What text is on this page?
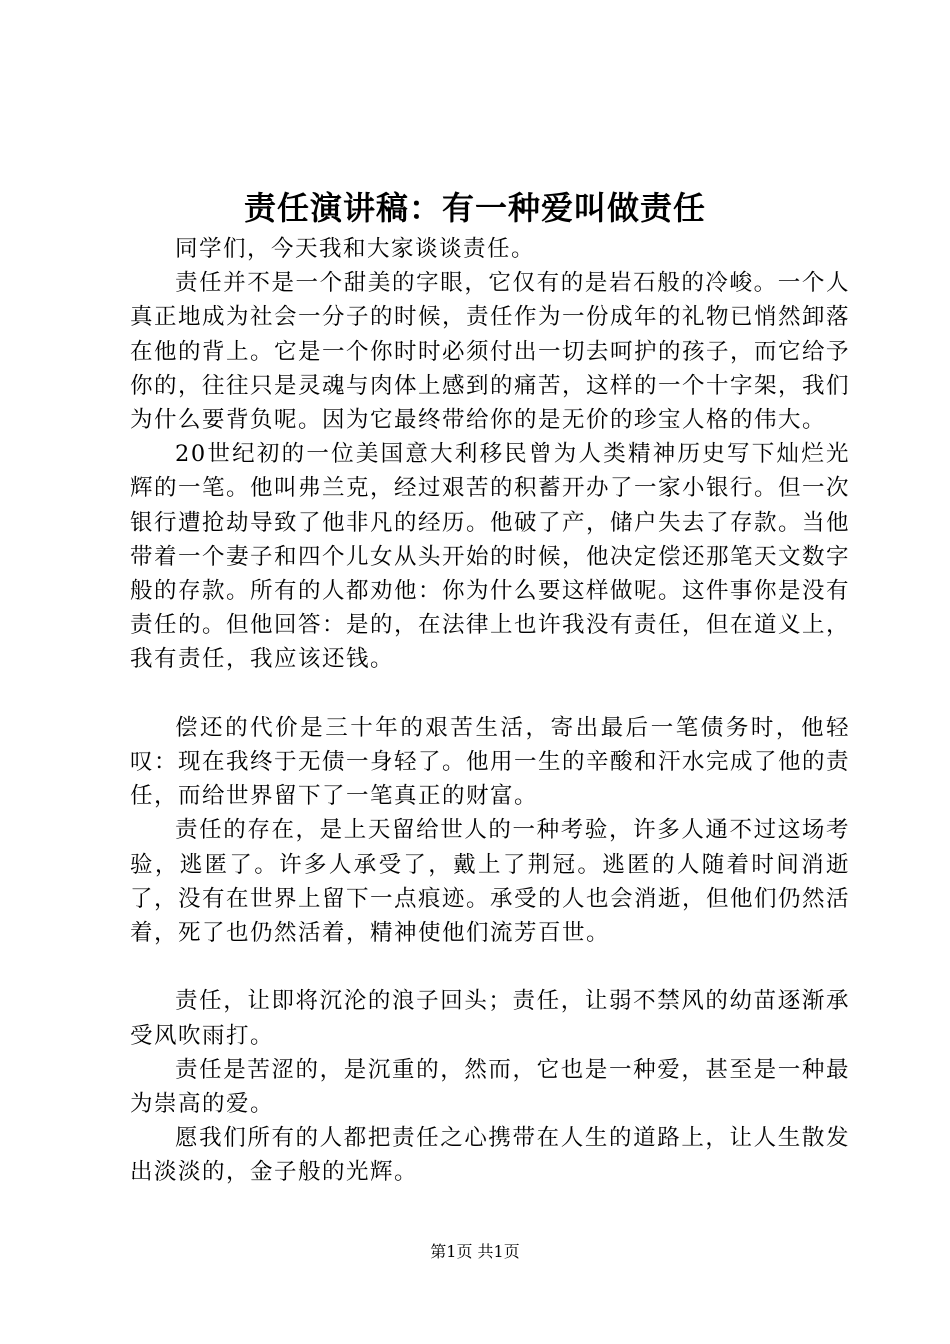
责任演讲稿：有一种爱叫做责任

同学们，今天我和大家谈谈责任。

责任并不是一个甜美的字眼，它仅有的是岩石般的冷峻。一个人真正地成为社会一分子的时候，责任作为一份成年的礼物已悄然卸落在他的背上。它是一个你时时必须付出一切去呵护的孩子，而它给予你的，往往只是灵魂与肉体上感到的痛苦，这样的一个十字架，我们为什么要背负呢。因为它最终带给你的是无价的珍宝人格的伟大。

20世纪初的一位美国意大利移民曾为人类精神历史写下灿烂光辉的一笔。他叫弗兰克，经过艰苦的积蓄开办了一家小银行。但一次银行遭抢劫导致了他非凡的经历。他破了产，储户失去了存款。当他带着一个妻子和四个儿女从头开始的时候，他决定偿还那笔天文数字般的存款。所有的人都劝他：你为什么要这样做呢。这件事你是没有责任的。但他回答：是的，在法律上也许我没有责任，但在道义上，我有责任，我应该还钱。

偿还的代价是三十年的艰苦生活，寄出最后一笔债务时，他轻叹：现在我终于无债一身轻了。他用一生的辛酸和汗水完成了他的责任，而给世界留下了一笔真正的财富。

责任的存在，是上天留给世人的一种考验，许多人通不过这场考验，逃匿了。许多人承受了，戴上了荆冠。逃匿的人随着时间消逝了，没有在世界上留下一点痕迹。承受的人也会消逝，但他们仍然活着，死了也仍然活着，精神使他们流芳百世。

责任，让即将沉沦的浪子回头；责任，让弱不禁风的幼苗逐渐承受风吹雨打。

责任是苦涩的，是沉重的，然而，它也是一种爱，甚至是一种最为崇高的爱。

愿我们所有的人都把责任之心携带在人生的道路上，让人生散发出淡淡的，金子般的光辉。

第1页 共1页
